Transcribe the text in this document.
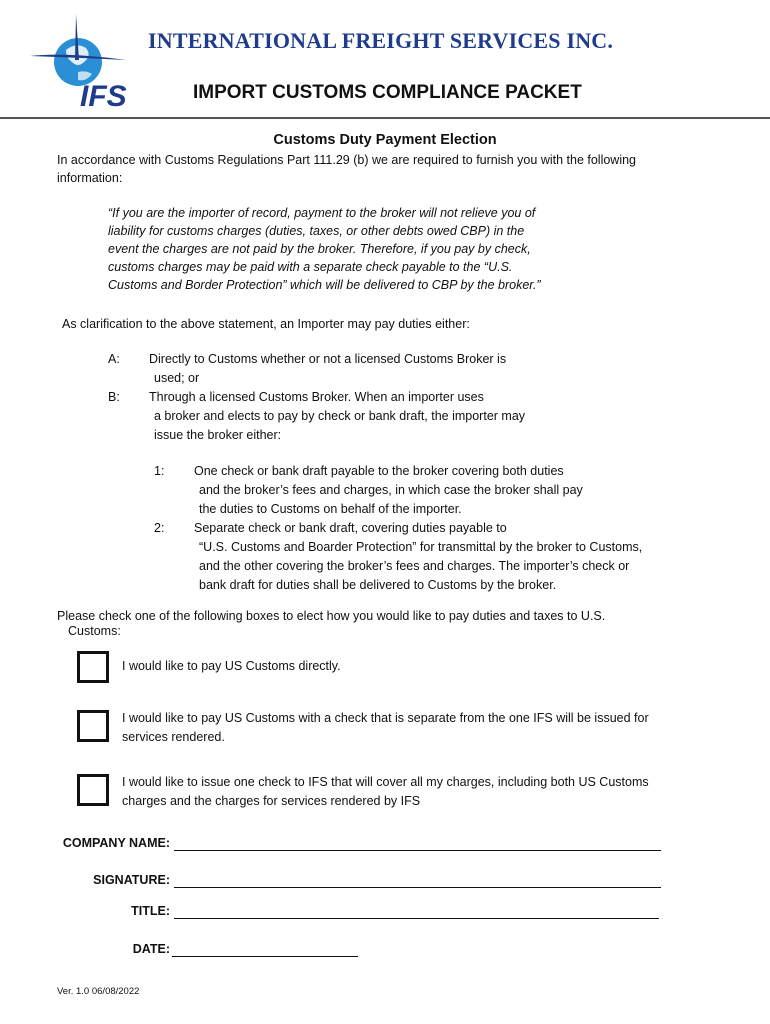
IFS
INTERNATIONAL FREIGHT SERVICES INC.
IMPORT CUSTOMS COMPLIANCE PACKET
Customs Duty Payment Election
In accordance with Customs Regulations Part 111.29 (b) we are required to furnish you with the following
information:
“If you are the importer of record, payment to the broker will not relieve you of
liability for customs charges (duties, taxes, or other debts owed CBP) in the
event the charges are not paid by the broker. Therefore, if you pay by check,
customs charges may be paid with a separate check payable to the “U.S.
Customs and Border Protection” which will be delivered to CBP by the broker.”
As clarification to the above statement, an Importer may pay duties either:
A: Directly to Customs whether or not a licensed Customs Broker is
used; or
B: Through a licensed Customs Broker. When an importer uses
a broker and elects to pay by check or bank draft, the importer may
issue the broker either:
1: One check or bank draft payable to the broker covering both duties
and the broker’s fees and charges, in which case the broker shall pay
the duties to Customs on behalf of the importer.
2: Separate check or bank draft, covering duties payable to
“U.S. Customs and Boarder Protection” for transmittal by the broker to Customs,
and the other covering the broker’s fees and charges. The importer’s check or
bank draft for duties shall be delivered to Customs by the broker.
Please check one of the following boxes to elect how you would like to pay duties and taxes to U.S.
Customs:
I would like to pay US Customs directly.
I would like to pay US Customs with a check that is separate from the one IFS will be issued for
services rendered.
I would like to issue one check to IFS that will cover all my charges, including both US Customs
charges and the charges for services rendered by IFS
COMPANY NAME:
SIGNATURE:
TITLE:
DATE:
Ver. 1.0 06/08/2022
